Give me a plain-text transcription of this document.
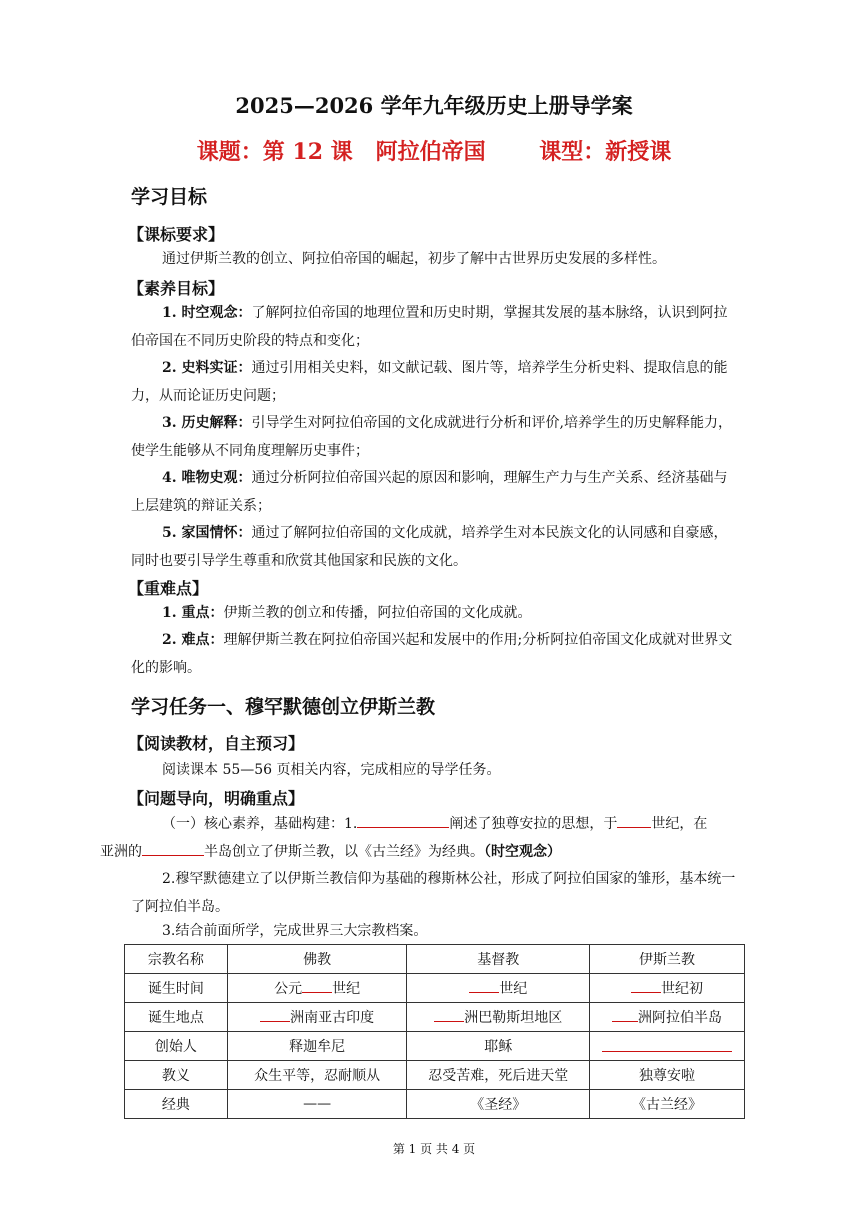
2025—2026 学年九年级历史上册导学案
课题：第 12 课   阿拉伯帝国       课型：新授课
学习目标
【课标要求】
通过伊斯兰教的创立、阿拉伯帝国的崛起，初步了解中古世界历史发展的多样性。
【素养目标】
1. 时空观念：了解阿拉伯帝国的地理位置和历史时期，掌握其发展的基本脉络，认识到阿拉伯帝国在不同历史阶段的特点和变化；
2. 史料实证：通过引用相关史料，如文献记载、图片等，培养学生分析史料、提取信息的能力，从而论证历史问题；
3. 历史解释：引导学生对阿拉伯帝国的文化成就进行分析和评价,培养学生的历史解释能力，使学生能够从不同角度理解历史事件；
4. 唯物史观：通过分析阿拉伯帝国兴起的原因和影响，理解生产力与生产关系、经济基础与上层建筑的辩证关系；
5. 家国情怀：通过了解阿拉伯帝国的文化成就，培养学生对本民族文化的认同感和自豪感，同时也要引导学生尊重和欣赏其他国家和民族的文化。
【重难点】
1. 重点：伊斯兰教的创立和传播，阿拉伯帝国的文化成就。
2. 难点：理解伊斯兰教在阿拉伯帝国兴起和发展中的作用;分析阿拉伯帝国文化成就对世界文化的影响。
学习任务一、穆罕默德创立伊斯兰教
【阅读教材，自主预习】
阅读课本 55—56 页相关内容，完成相应的导学任务。
【问题导向，明确重点】
（一）核心素养，基础构建：1.	阐述了独尊安拉的思想，于 世纪，在
亚洲的	半岛创立了伊斯兰教，以《古兰经》为经典。（时空观念）
2.穆罕默德建立了以伊斯兰教信仰为基础的穆斯林公社，形成了阿拉伯国家的雏形，基本统一了阿拉伯半岛。
3.结合前面所学，完成世界三大宗教档案。
宗教名称	佛教	基督教	伊斯兰教
诞生时间	公元 世纪	世纪	世纪初
诞生地点	洲南亚古印度	洲巴勒斯坦地区	洲阿拉伯半岛
创始人	释迦牟尼	耶稣	
教义	众生平等，忍耐顺从	忍受苦难，死后进天堂	独尊安啦
经典	——	《圣经》	《古兰经》
第 1 页 共 4 页
